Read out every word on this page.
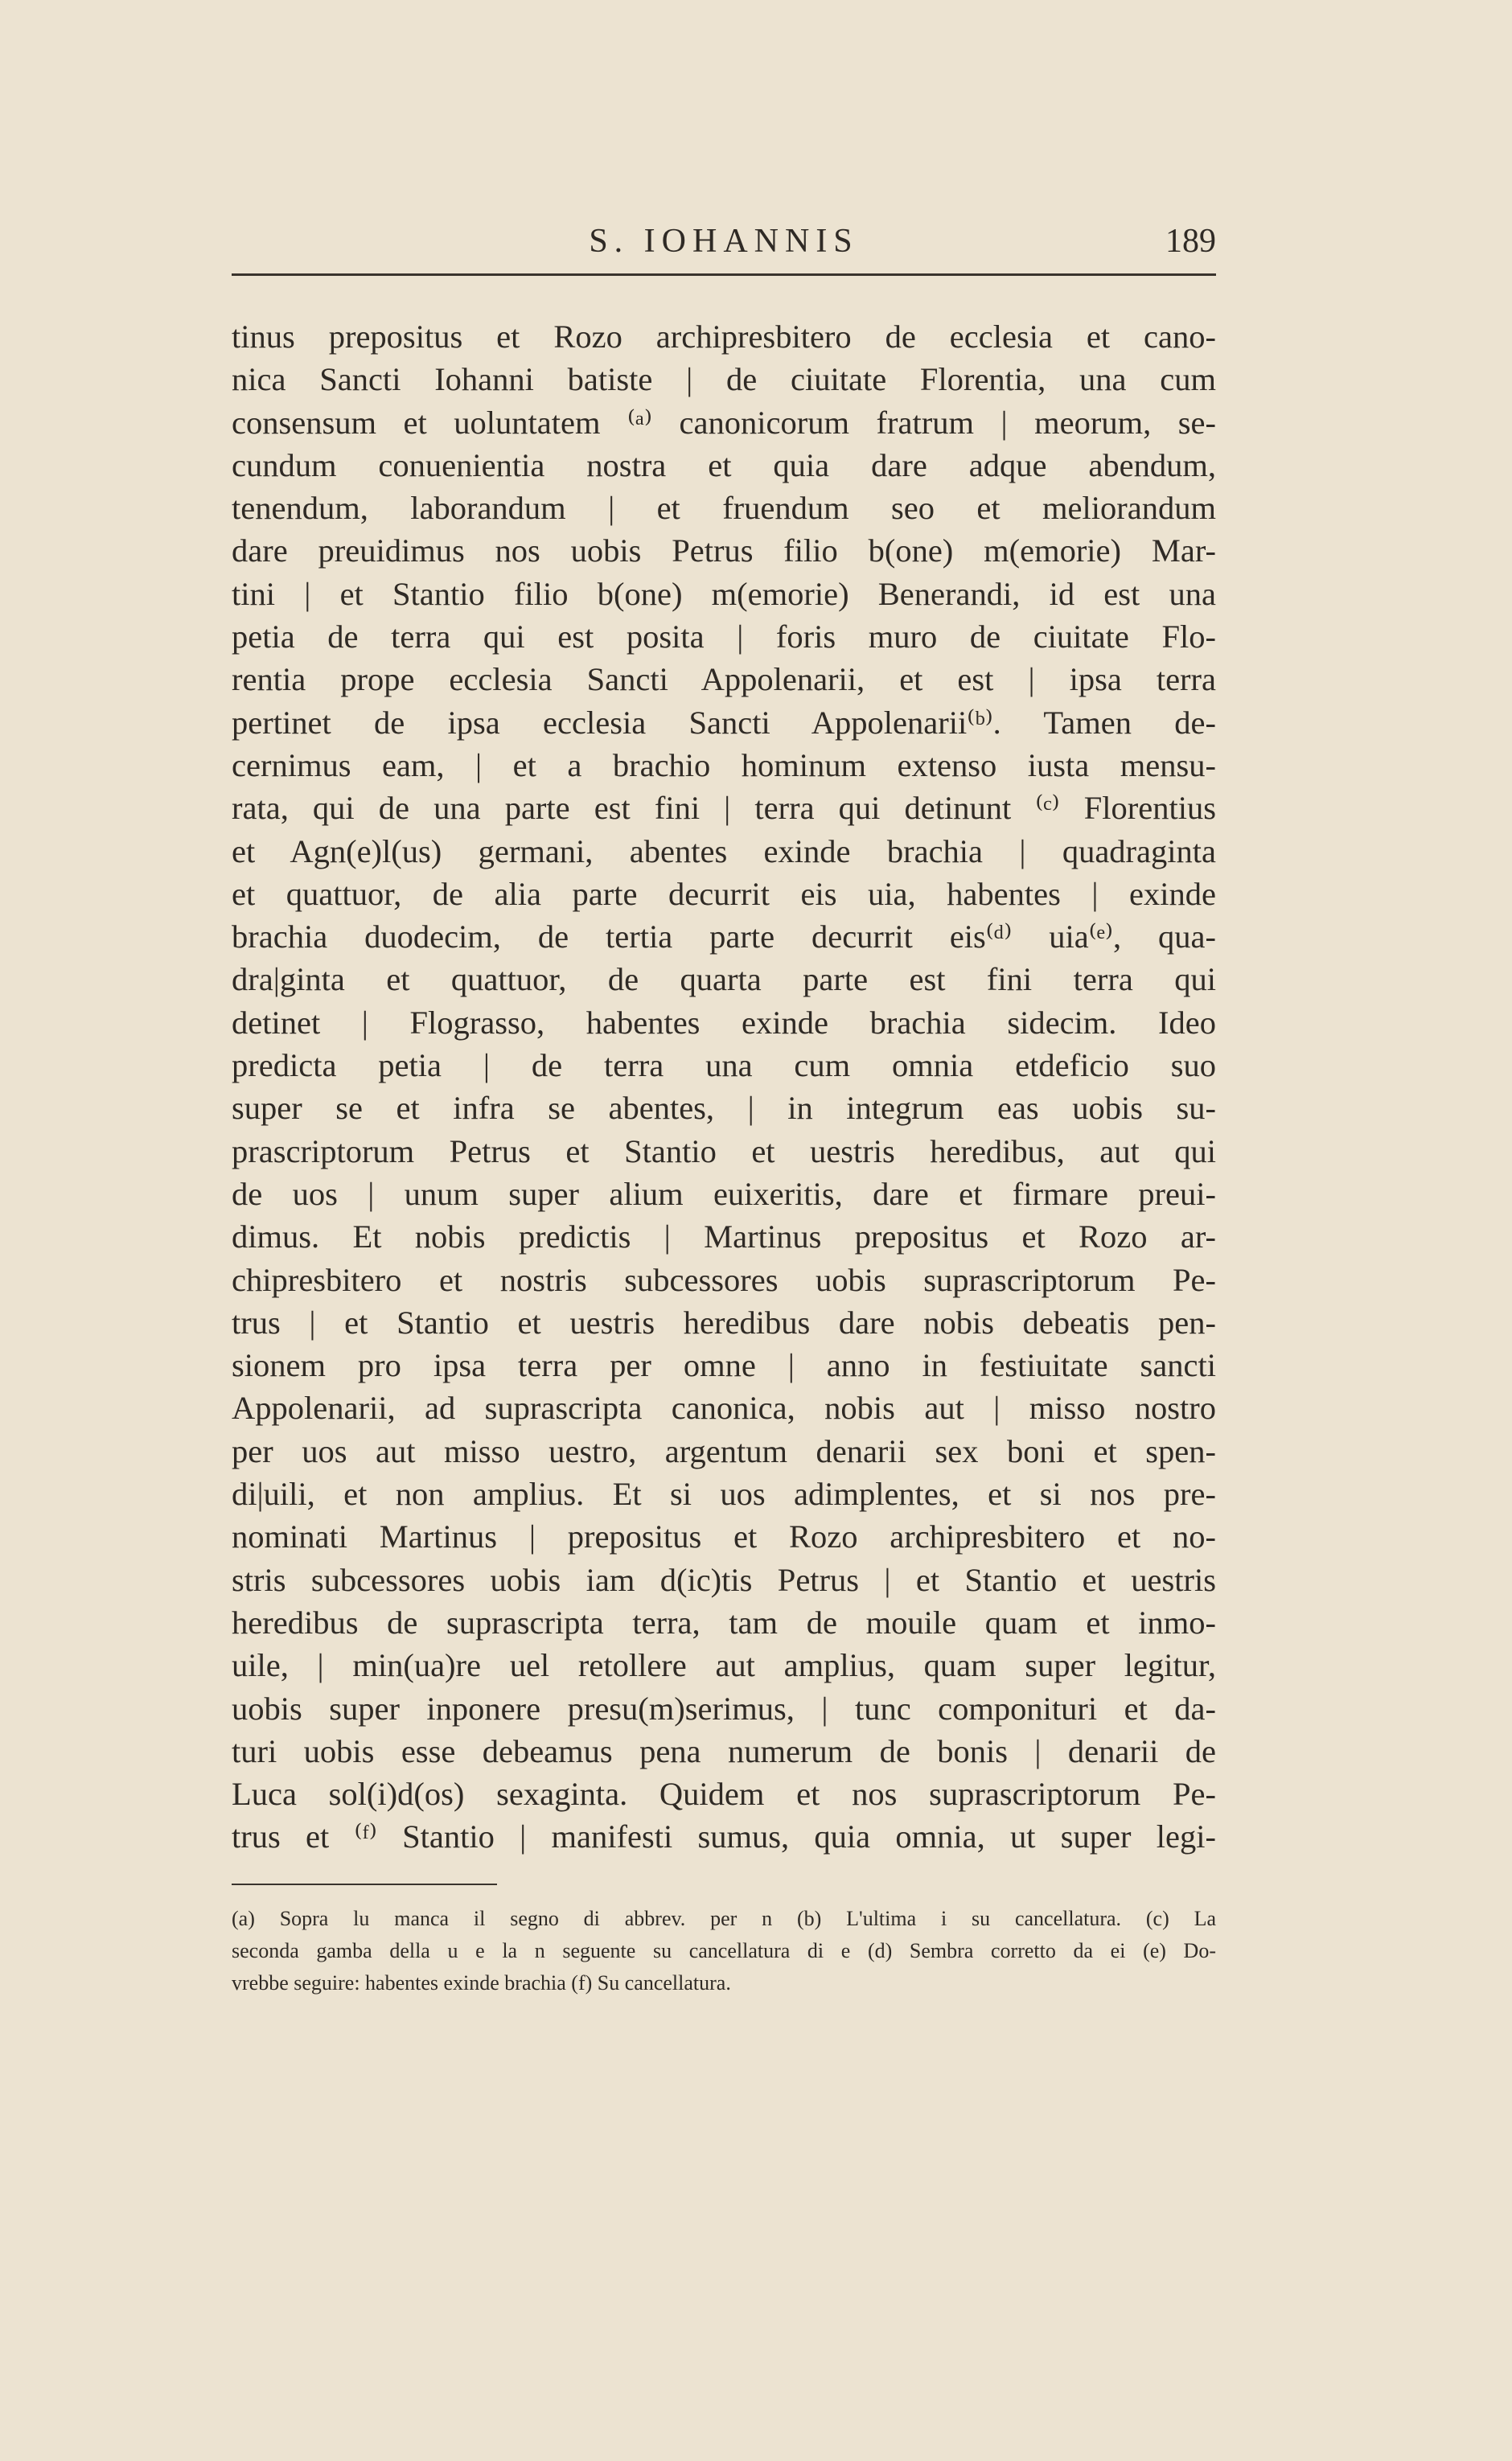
S. IOHANNIS	189
tinus prepositus et Rozo archipresbitero de ecclesia et cano-
nica Sancti Iohanni batiste | de ciuitate Florentia, una cum
consensum et uoluntatem ⁽ᵃ⁾ canonicorum fratrum | meorum, se-
cundum conuenientia nostra et quia dare adque abendum,
tenendum, laborandum | et fruendum seo et meliorandum
dare preuidimus nos uobis Petrus filio b(one) m(emorie) Mar-
tini | et Stantio filio b(one) m(emorie) Benerandi, id est una
petia de terra qui est posita | foris muro de ciuitate Flo-
rentia prope ecclesia Sancti Appolenarii, et est | ipsa terra
pertinet de ipsa ecclesia Sancti Appolenarii⁽ᵇ⁾. Tamen de-
cernimus eam, | et a brachio hominum extenso iusta mensu-
rata, qui de una parte est fini | terra qui detinunt ⁽ᶜ⁾ Florentius
et Agn(e)l(us) germani, abentes exinde brachia | quadraginta
et quattuor, de alia parte decurrit eis uia, habentes | exinde
brachia duodecim, de tertia parte decurrit eis⁽ᵈ⁾ uia⁽ᵉ⁾, qua-
dra|ginta et quattuor, de quarta parte est fini terra qui
detinet | Flograsso, habentes exinde brachia sidecim. Ideo
predicta petia | de terra una cum omnia etdeficio suo
super se et infra se abentes, | in integrum eas uobis su-
prascriptorum Petrus et Stantio et uestris heredibus, aut qui
de uos | unum super alium euixeritis, dare et firmare preui-
dimus. Et nobis predictis | Martinus prepositus et Rozo ar-
chipresbitero et nostris subcessores uobis suprascriptorum Pe-
trus | et Stantio et uestris heredibus dare nobis debeatis pen-
sionem pro ipsa terra per omne | anno in festiuitate sancti
Appolenarii, ad suprascripta canonica, nobis aut | misso nostro
per uos aut misso uestro, argentum denarii sex boni et spen-
di|uili, et non amplius. Et si uos adimplentes, et si nos pre-
nominati Martinus | prepositus et Rozo archipresbitero et no-
stris subcessores uobis iam d(ic)tis Petrus | et Stantio et uestris
heredibus de suprascripta terra, tam de mouile quam et inmo-
uile, | min(ua)re uel retollere aut amplius, quam super legitur,
uobis super inponere presu(m)serimus, | tunc componituri et da-
turi uobis esse debeamus pena numerum de bonis | denarii de
Luca sol(i)d(os) sexaginta. Quidem et nos suprascriptorum Pe-
trus et ⁽ᶠ⁾ Stantio | manifesti sumus, quia omnia, ut super legi-
(a) Sopra lu manca il segno di abbrev. per n (b) L'ultima i su cancellatura. (c) La
seconda gamba della u e la n seguente su cancellatura di e (d) Sembra corretto da ei (e) Do-
vrebbe seguire: habentes exinde brachia (f) Su cancellatura.
